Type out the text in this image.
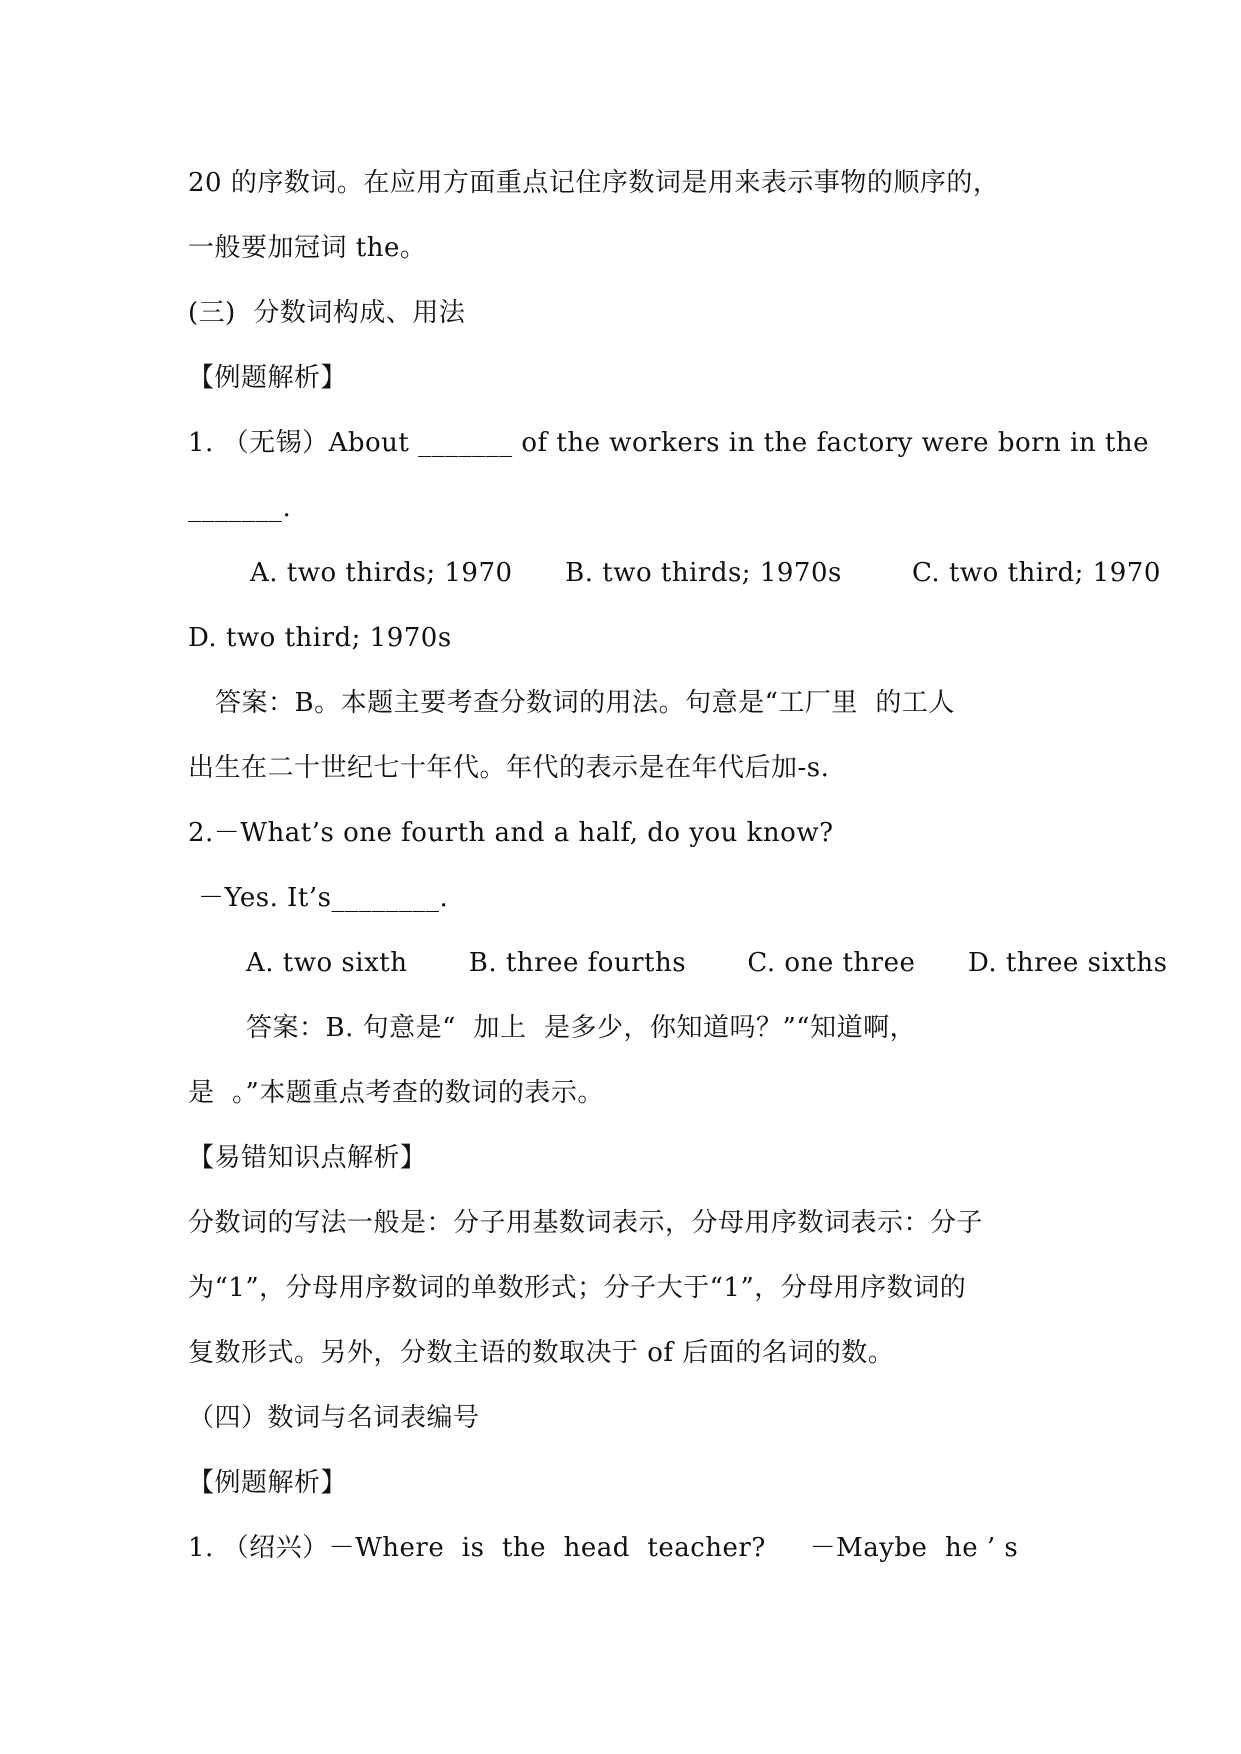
20 的序数词。在应用方面重点记住序数词是用来表示事物的顺序的，
一般要加冠词 the。
(三)  分数词构成、用法
【例题解析】
1. （无锡）About _______ of the workers in the factory were born in the
_______.
A. two thirds; 1970      B. two thirds; 1970s        C. two third; 1970
D. two third; 1970s
答案：B。本题主要考查分数词的用法。句意是“工厂里  的工人
出生在二十世纪七十年代。年代的表示是在年代后加-s.
2.－What’s one fourth and a half, do you know?
－Yes. It’s________.
A. two sixth       B. three fourths       C. one three      D. three sixths
答案：B. 句意是“  加上  是多少，你知道吗？”“知道啊，
是  。”本题重点考查的数词的表示。
【易错知识点解析】
分数词的写法一般是：分子用基数词表示，分母用序数词表示：分子
为“1”，分母用序数词的单数形式；分子大于“1”，分母用序数词的
复数形式。另外，分数主语的数取决于 of 后面的名词的数。
（四）数词与名词表编号
【例题解析】
1. （绍兴）－Where  is  the  head  teacher?     －Maybe  he ’ s
